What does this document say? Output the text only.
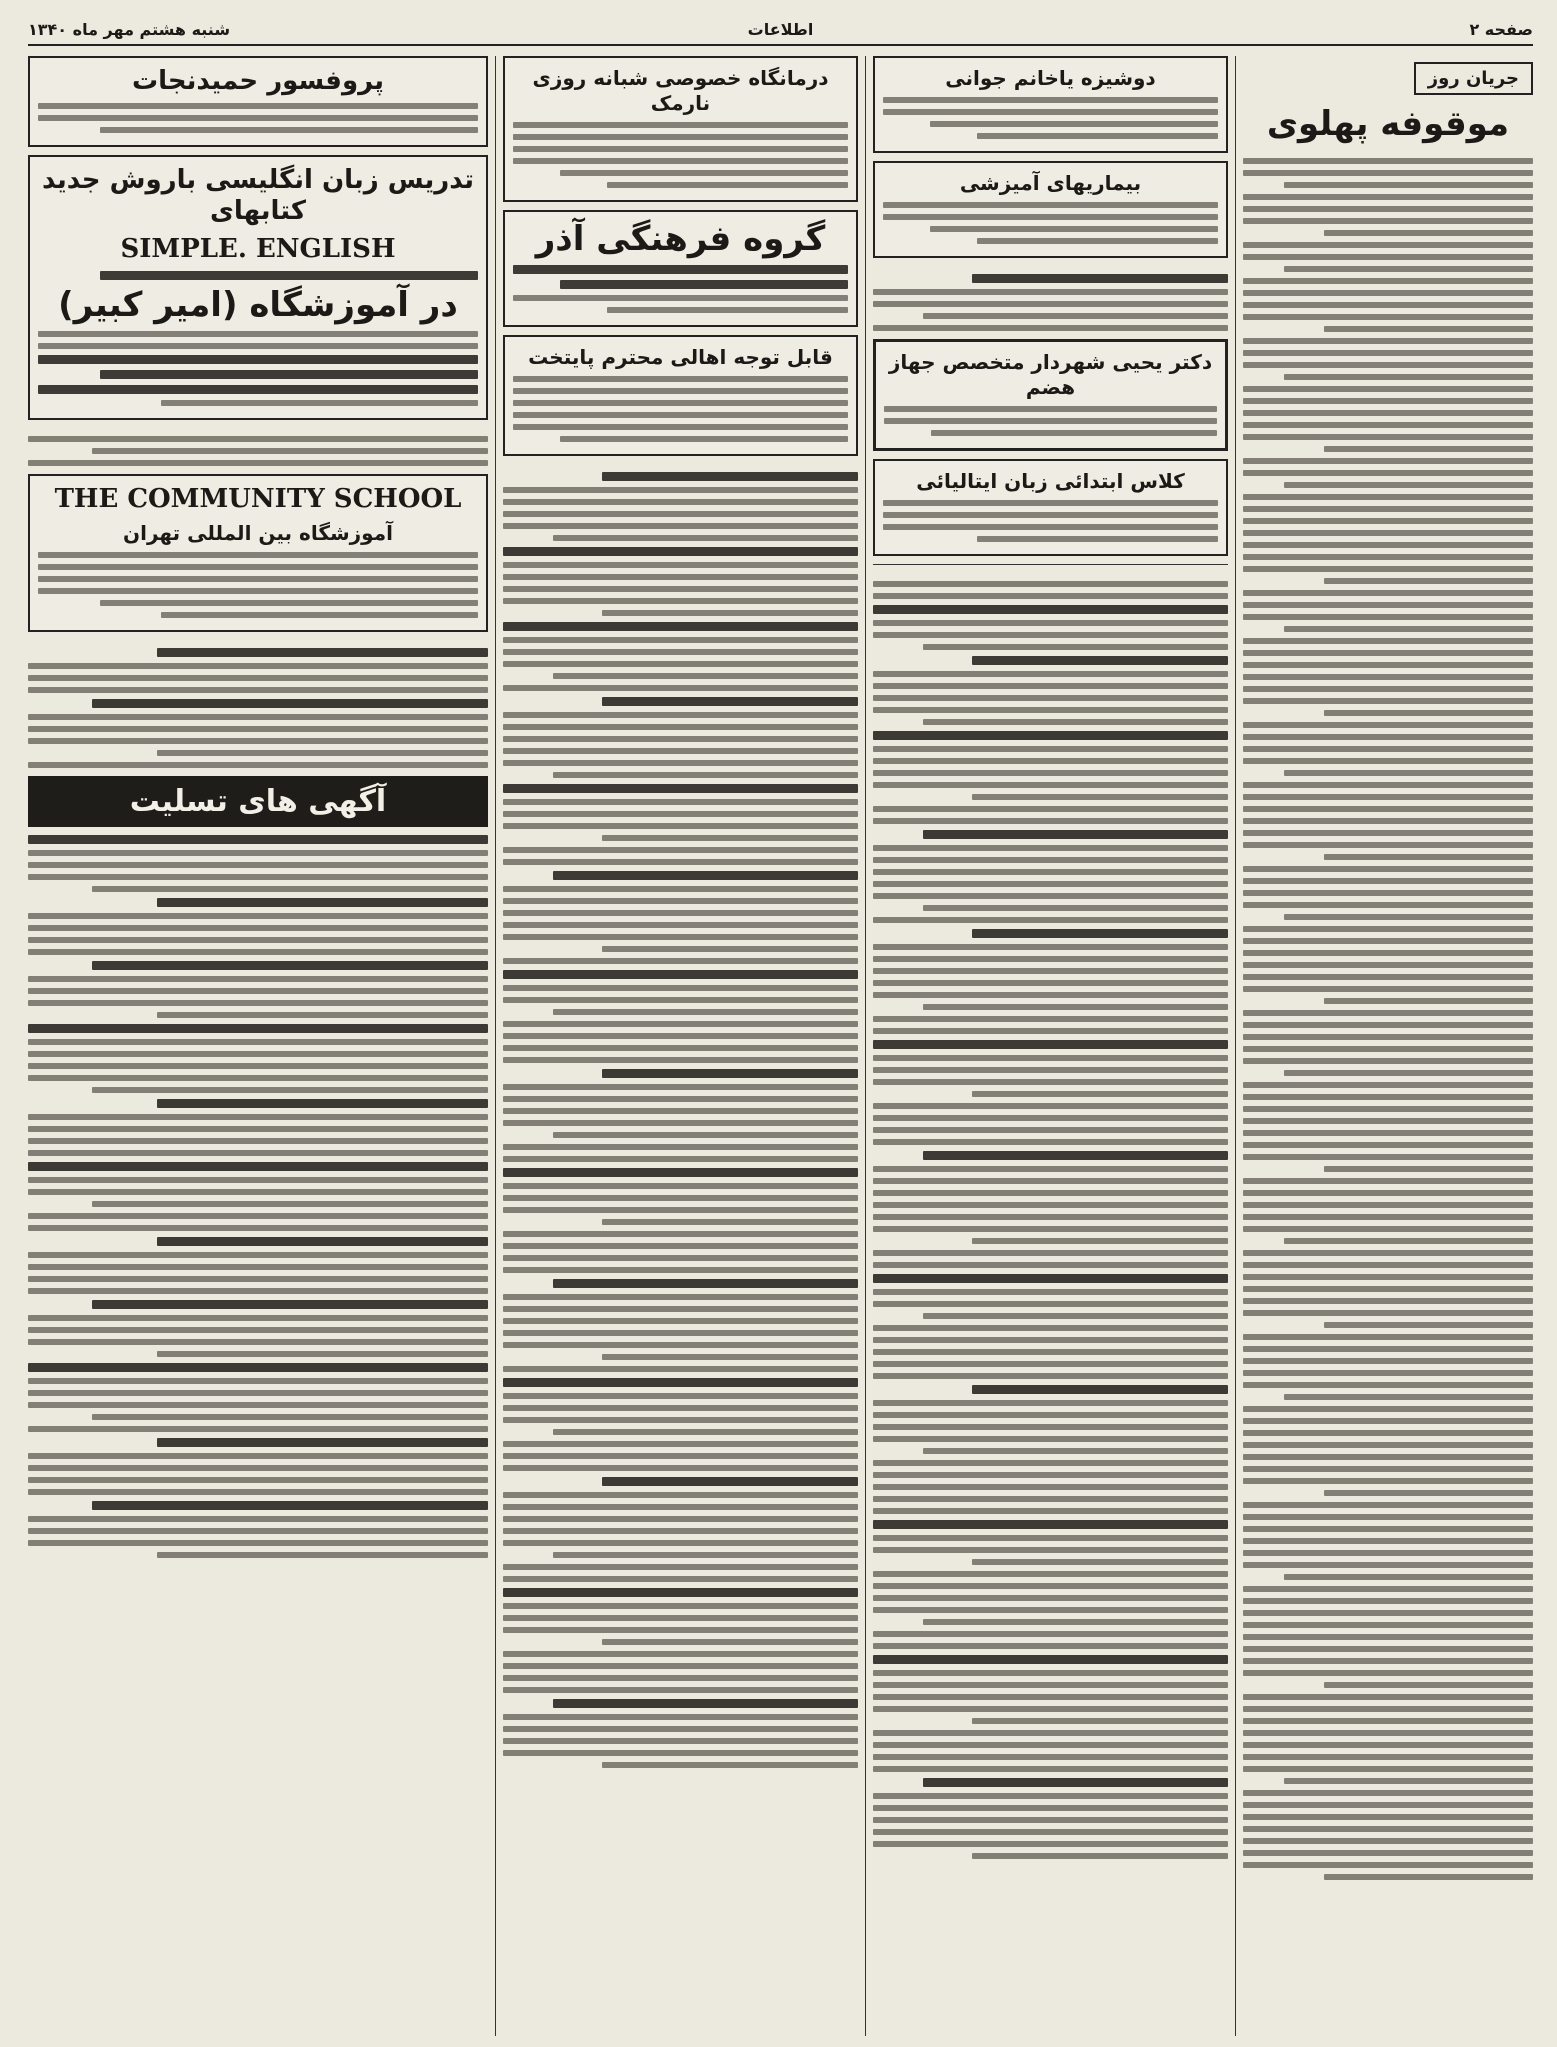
صفحه ۲
اطلاعات
شنبه هشتم مهر ماه ۱۳۴۰
جریان روز
موقوفه پهلوی
دوشیزه یاخانم جوانی
بیماریهای آمیزشی
دکتر یحیی شهردار متخصص جهاز هضم
کلاس ابتدائی زبان ایتالیائی
درمانگاه خصوصی شبانه روزی نارمک
گروه فرهنگی آذر
قابل توجه اهالی محترم پایتخت
پروفسور حمیدنجات
تدریس زبان انگلیسی باروش جدید کتابهای
SIMPLE. ENGLISH
در آموزشگاه (امیر کبیر)
THE COMMUNITY SCHOOL
آموزشگاه بین المللی تهران
آگهی های تسلیت
